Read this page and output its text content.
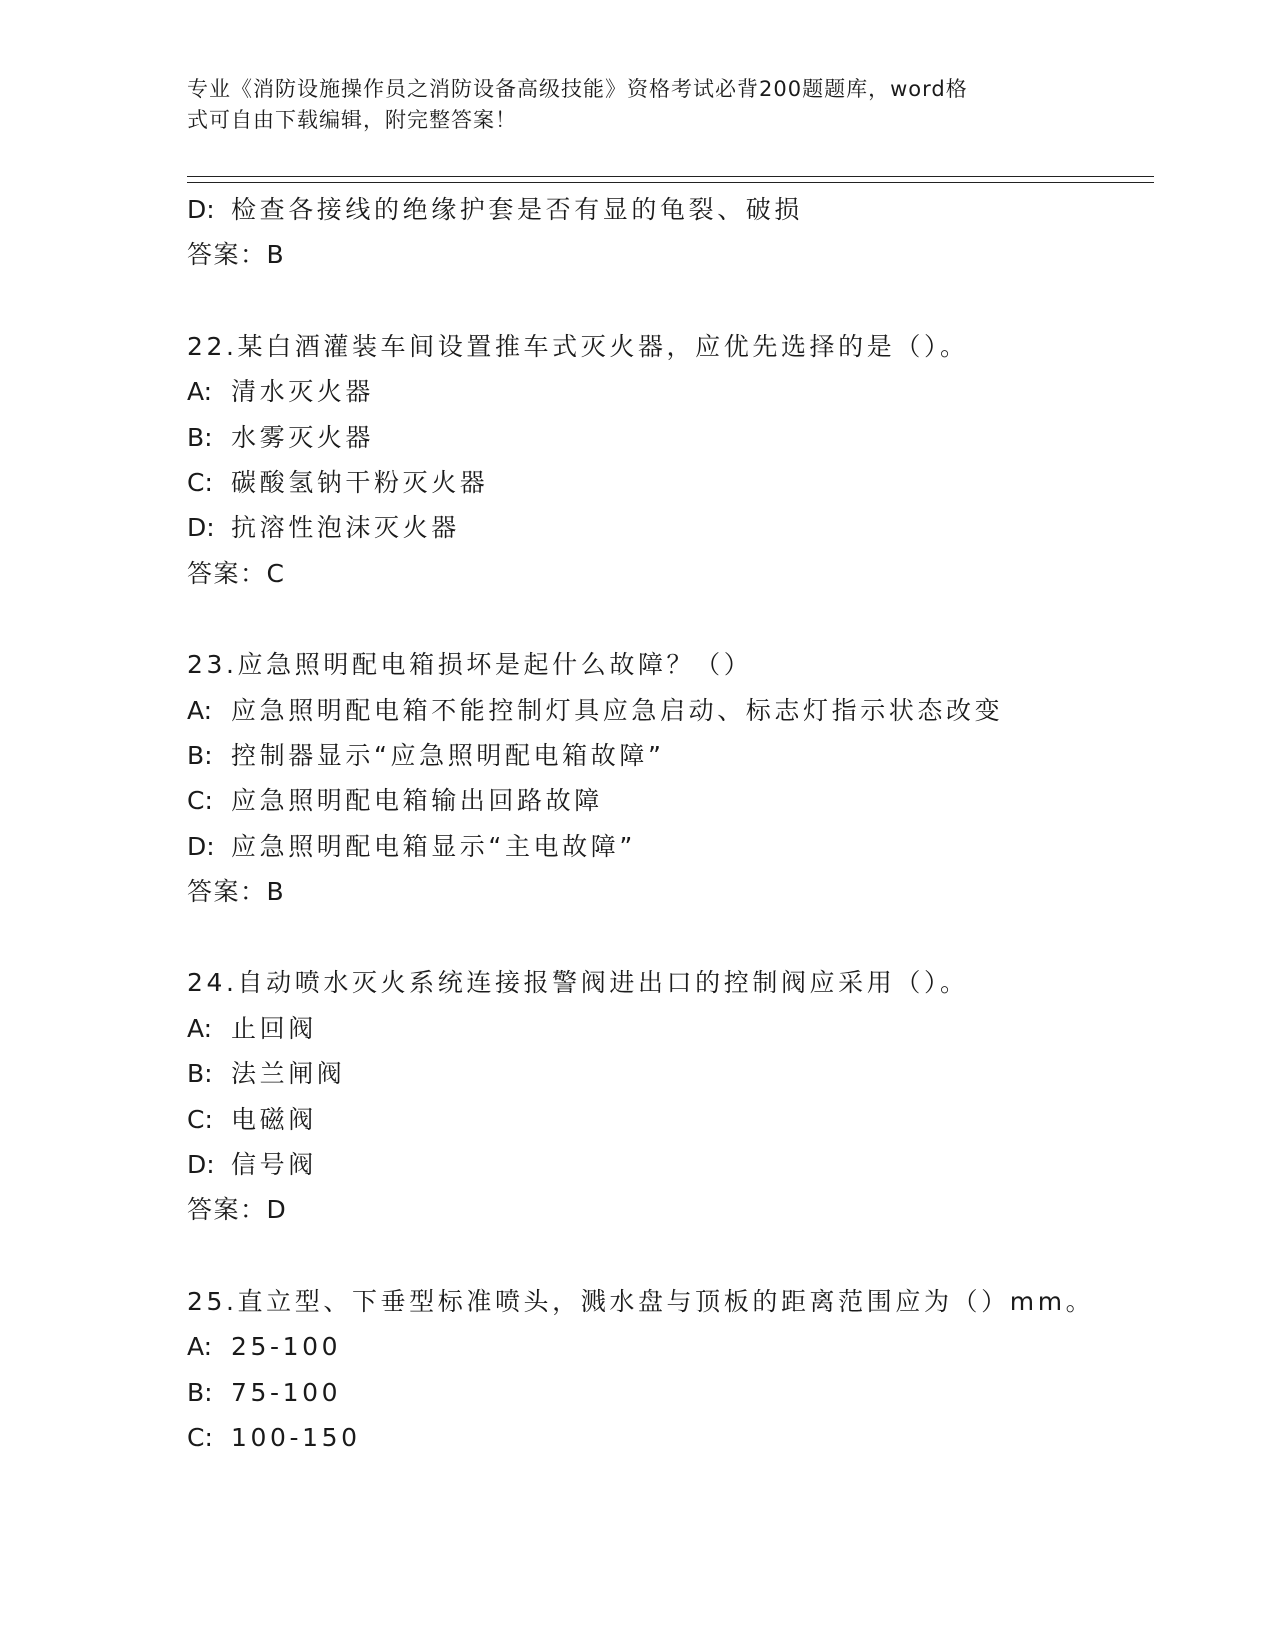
专业《消防设施操作员之消防设备高级技能》资格考试必背200题题库，word格
式可自由下载编辑，附完整答案！
D: 检查各接线的绝缘护套是否有显的龟裂、破损
答案：B
22.某白酒灌装车间设置推车式灭火器，应优先选择的是（）。
A: 清水灭火器
B: 水雾灭火器
C: 碳酸氢钠干粉灭火器
D: 抗溶性泡沫灭火器
答案：C
23.应急照明配电箱损坏是起什么故障？（）
A: 应急照明配电箱不能控制灯具应急启动、标志灯指示状态改变
B: 控制器显示“应急照明配电箱故障”
C: 应急照明配电箱输出回路故障
D: 应急照明配电箱显示“主电故障”
答案：B
24.自动喷水灭火系统连接报警阀进出口的控制阀应采用（）。
A: 止回阀
B: 法兰闸阀
C: 电磁阀
D: 信号阀
答案：D
25.直立型、下垂型标准喷头，溅水盘与顶板的距离范围应为（）mm。
A: 25-100
B: 75-100
C: 100-150
